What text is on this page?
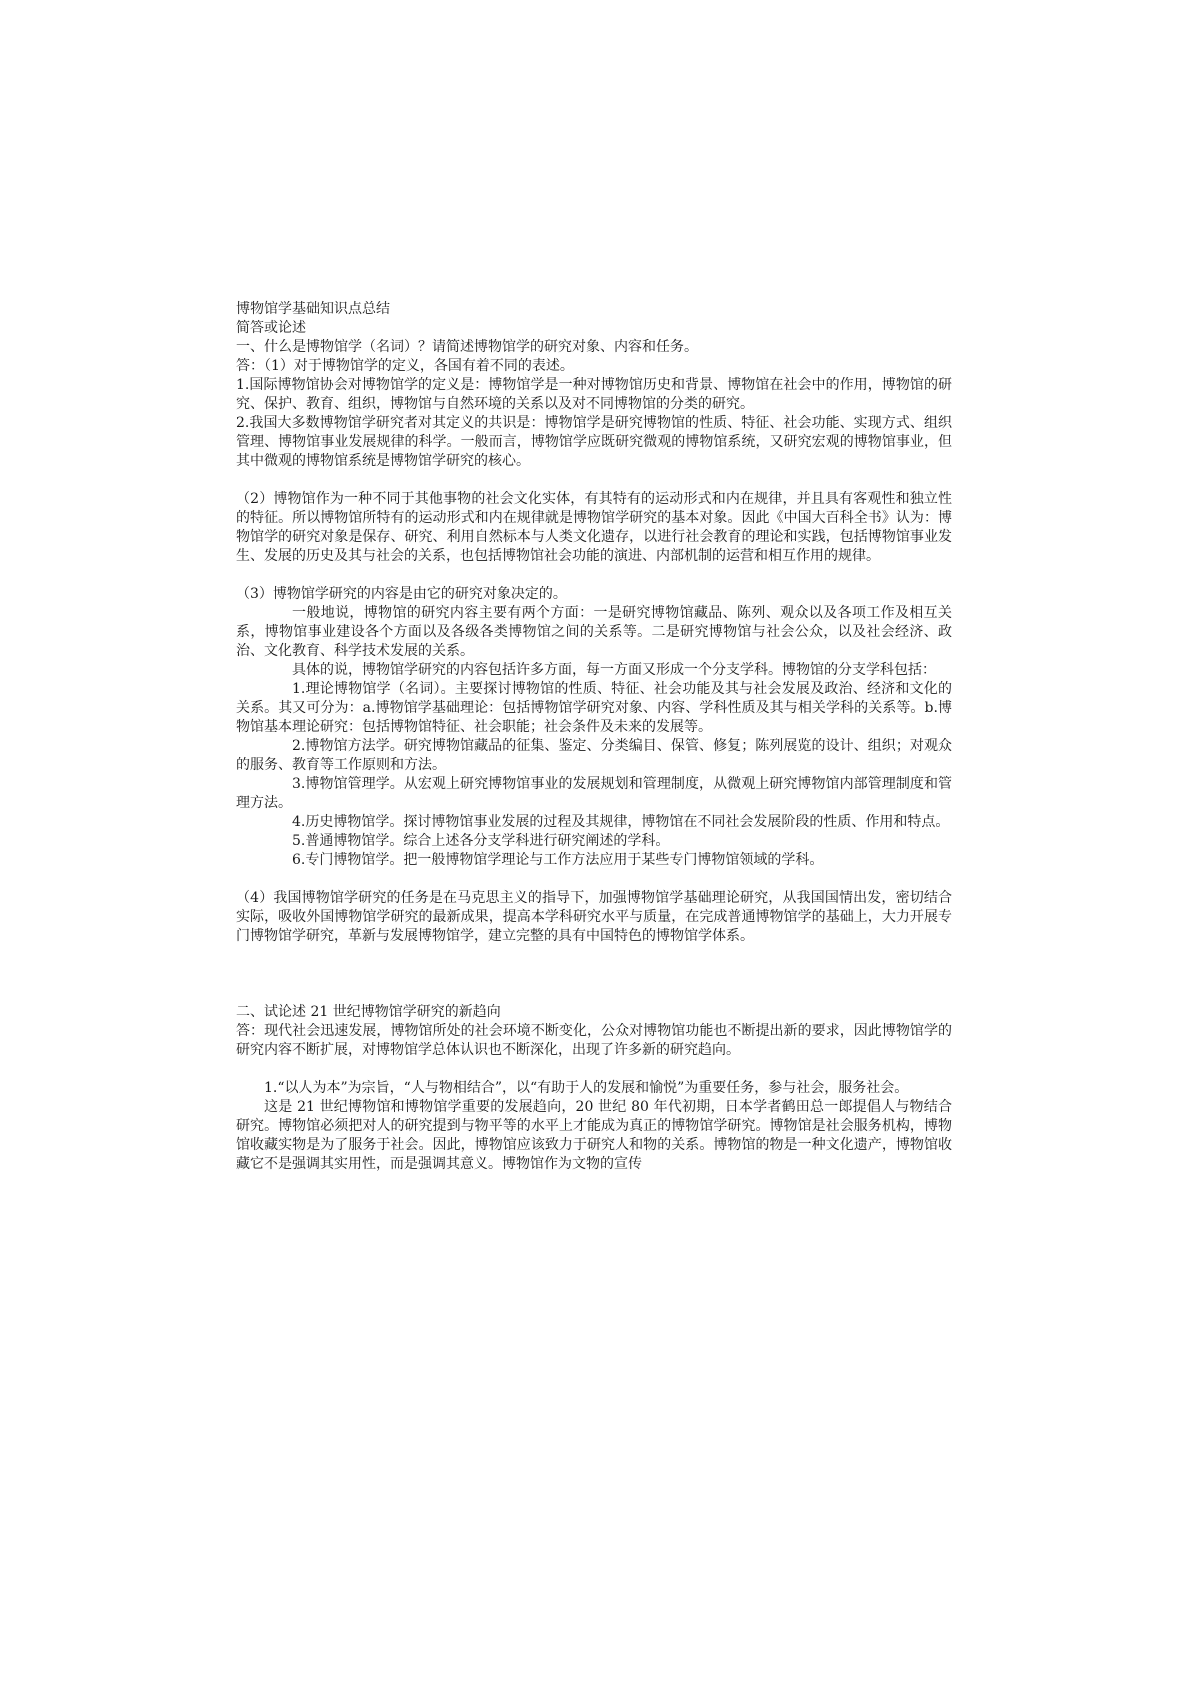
博物馆学基础知识点总结

简答或论述

一、什么是博物馆学（名词）？请简述博物馆学的研究对象、内容和任务。

答：（1）对于博物馆学的定义，各国有着不同的表述。

1.国际博物馆协会对博物馆学的定义是：博物馆学是一种对博物馆历史和背景、博物馆在社会中的作用，博物馆的研究、保护、教育、组织，博物馆与自然环境的关系以及对不同博物馆的分类的研究。

2.我国大多数博物馆学研究者对其定义的共识是：博物馆学是研究博物馆的性质、特征、社会功能、实现方式、组织管理、博物馆事业发展规律的科学。一般而言，博物馆学应既研究微观的博物馆系统，又研究宏观的博物馆事业，但其中微观的博物馆系统是博物馆学研究的核心。

（2）博物馆作为一种不同于其他事物的社会文化实体，有其特有的运动形式和内在规律，并且具有客观性和独立性的特征。所以博物馆所特有的运动形式和内在规律就是博物馆学研究的基本对象。因此《中国大百科全书》认为：博物馆学的研究对象是保存、研究、利用自然标本与人类文化遗存，以进行社会教育的理论和实践，包括博物馆事业发生、发展的历史及其与社会的关系，也包括博物馆社会功能的演进、内部机制的运营和相互作用的规律。

（3）博物馆学研究的内容是由它的研究对象决定的。

一般地说，博物馆的研究内容主要有两个方面：一是研究博物馆藏品、陈列、观众以及各项工作及相互关系，博物馆事业建设各个方面以及各级各类博物馆之间的关系等。二是研究博物馆与社会公众，以及社会经济、政治、文化教育、科学技术发展的关系。

具体的说，博物馆学研究的内容包括许多方面，每一方面又形成一个分支学科。博物馆的分支学科包括：

1.理论博物馆学（名词）。主要探讨博物馆的性质、特征、社会功能及其与社会发展及政治、经济和文化的关系。其又可分为：a.博物馆学基础理论：包括博物馆学研究对象、内容、学科性质及其与相关学科的关系等。b.博物馆基本理论研究：包括博物馆特征、社会职能；社会条件及未来的发展等。

2.博物馆方法学。研究博物馆藏品的征集、鉴定、分类编目、保管、修复；陈列展览的设计、组织；对观众的服务、教育等工作原则和方法。

3.博物馆管理学。从宏观上研究博物馆事业的发展规划和管理制度，从微观上研究博物馆内部管理制度和管理方法。

4.历史博物馆学。探讨博物馆事业发展的过程及其规律，博物馆在不同社会发展阶段的性质、作用和特点。

5.普通博物馆学。综合上述各分支学科进行研究阐述的学科。

6.专门博物馆学。把一般博物馆学理论与工作方法应用于某些专门博物馆领域的学科。

（4）我国博物馆学研究的任务是在马克思主义的指导下，加强博物馆学基础理论研究，从我国国情出发，密切结合实际，吸收外国博物馆学研究的最新成果，提高本学科研究水平与质量，在完成普通博物馆学的基础上，大力开展专门博物馆学研究，革新与发展博物馆学，建立完整的具有中国特色的博物馆学体系。

二、试论述 21 世纪博物馆学研究的新趋向

答：现代社会迅速发展，博物馆所处的社会环境不断变化，公众对博物馆功能也不断提出新的要求，因此博物馆学的研究内容不断扩展，对博物馆学总体认识也不断深化，出现了许多新的研究趋向。

1.“以人为本”为宗旨，“人与物相结合”，以“有助于人的发展和愉悦”为重要任务，参与社会，服务社会。

这是 21 世纪博物馆和博物馆学重要的发展趋向，20 世纪 80 年代初期，日本学者鹤田总一郎提倡人与物结合研究。博物馆必须把对人的研究提到与物平等的水平上才能成为真正的博物馆学研究。博物馆是社会服务机构，博物馆收藏实物是为了服务于社会。因此，博物馆应该致力于研究人和物的关系。博物馆的物是一种文化遗产，博物馆收藏它不是强调其实用性，而是强调其意义。博物馆作为文物的宣传
